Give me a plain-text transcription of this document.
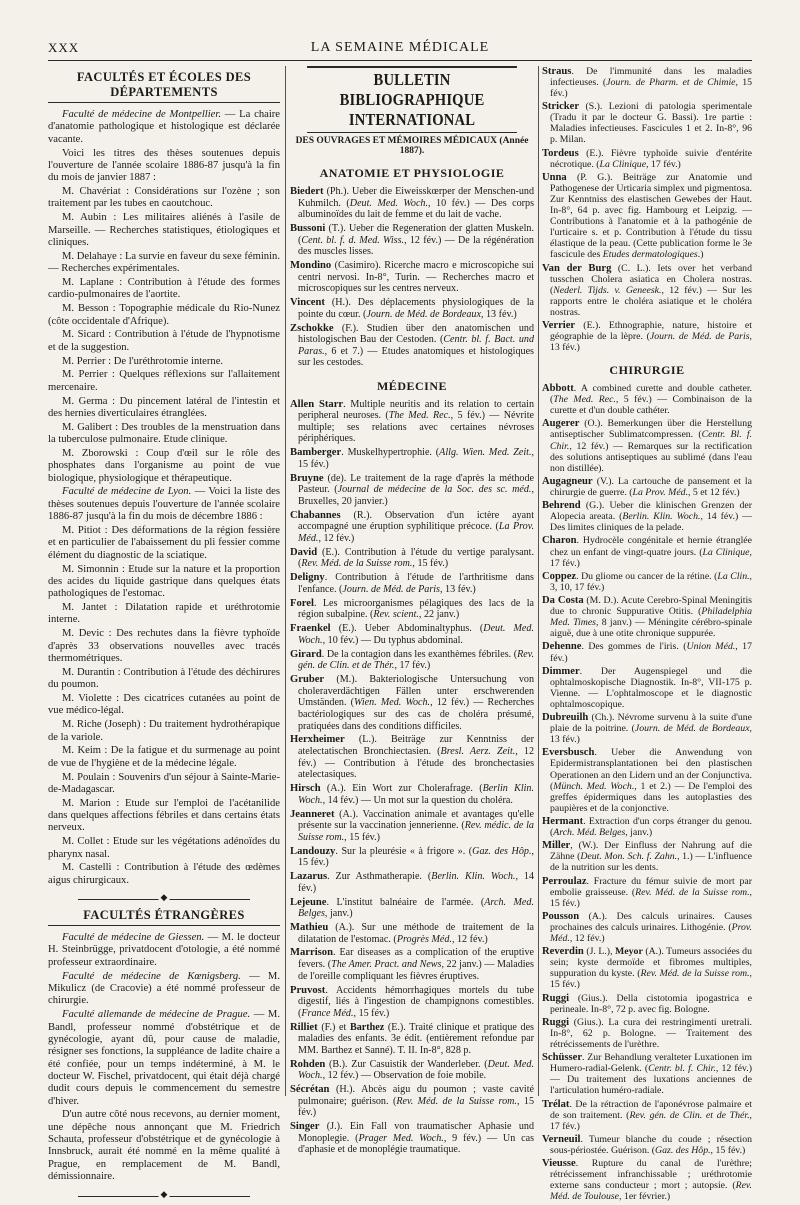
XXX	LA SEMAINE MÉDICALE
FACULTÉS ET ÉCOLES DES DÉPARTEMENTS

Faculté de médecine de Montpellier. — La chaire d'anatomie pathologique et histologique est déclarée vacante.

Voici les titres des thèses soutenues depuis l'ouverture de l'année scolaire 1886-87 jusqu'à la fin du mois de janvier 1887 :

M. Chavériat : Considérations sur l'ozène ; son traitement par les tubes en caoutchouc.

M. Aubin : Les militaires aliénés à l'asile de Marseille. — Recherches statistiques, étiologiques et cliniques.

M. Delahaye : La survie en faveur du sexe féminin. — Recherches expérimentales.

M. Laplane : Contribution à l'étude des formes cardio-pulmonaires de l'aortite.

M. Besson : Topographie médicale du Rio-Nunez (côte occidentale d'Afrique).

M. Sicard : Contribution à l'étude de l'hypnotisme et de la suggestion.

M. Perrier : De l'uréthrotomie interne.

M. Perrier : Quelques réflexions sur l'allaitement mercenaire.

M. Germa : Du pincement latéral de l'intestin et des hernies diverticulaires étranglées.

M. Galibert : Des troubles de la menstruation dans la tuberculose pulmonaire. Etude clinique.

M. Zborowski : Coup d'œil sur le rôle des phosphates dans l'organisme au point de vue biologique, physiologique et thérapeutique.

Faculté de médecine de Lyon. — Voici la liste des thèses soutenues depuis l'ouverture de l'année scolaire 1886-87 jusqu'à la fin du mois de décembre 1886 :

M. Pitiot : Des déformations de la région fessière et en particulier de l'abaissement du pli fessier comme élément du diagnostic de la sciatique.

M. Simonnin : Etude sur la nature et la proportion des acides du liquide gastrique dans quelques états pathologiques de l'estomac.

M. Jantet : Dilatation rapide et uréthrotomie interne.

M. Devic : Des rechutes dans la fièvre typhoïde d'après 33 observations nouvelles avec tracés thermométriques.

M. Durantin : Contribution à l'étude des déchirures du poumon.

M. Violette : Des cicatrices cutanées au point de vue médico-légal.

M. Riche (Joseph) : Du traitement hydrothérapique de la variole.

M. Keim : De la fatigue et du surmenage au point de vue de l'hygiène et de la médecine légale.

M. Poulain : Souvenirs d'un séjour à Sainte-Marie-de-Madagascar.

M. Marion : Etude sur l'emploi de l'acétanilide dans quelques affections fébriles et dans certains états nerveux.

M. Collet : Etude sur les végétations adénoïdes du pharynx nasal.

M. Castelli : Contribution à l'étude des œdèmes aigus chirurgicaux.

◆
FACULTÉS ÉTRANGÈRES

Faculté de médecine de Giessen. — M. le docteur H. Steinbrügge, privatdocent d'otologie, a été nommé professeur extraordinaire.

Faculté de médecine de Kœnigsberg. — M. Mikulicz (de Cracovie) a été nommé professeur de chirurgie.

Faculté allemande de médecine de Prague. — M. Bandl, professeur nommé d'obstétrique et de gynécologie, ayant dû, pour cause de maladie, résigner ses fonctions, la suppléance de ladite chaire a été confiée, pour un temps indéterminé, à M. le docteur W. Fischel, privatdocent, qui était déjà chargé dudit cours depuis le commencement du semestre d'hiver.

D'un autre côté nous recevons, au dernier moment, une dépêche nous annonçant que M. Friedrich Schauta, professeur d'obstétrique et de gynécologie à Innsbruck, aurait été nommé en la même qualité à Prague, en remplacement de M. Bandl, démissionnaire.

◆
BULLETIN BIBLIOGRAPHIQUE INTERNATIONAL
DES OUVRAGES ET MÉMOIRES MÉDICAUX (Année 1887).
ANATOMIE ET PHYSIOLOGIE
Biedert (Ph.). Ueber die Eiweisskœrper der Menschen-und Kuhmilch. (Deut. Med. Woch., 10 fév.) — Des corps albuminoïdes du lait de femme et du lait de vache.
Bussoni (T.). Ueber die Regeneration der glatten Muskeln. (Cent. bl. f. d. Med. Wiss., 12 fév.) — De la régénération des muscles lisses.
Mondino (Casimiro). Ricerche macro e microscopiche sui centri nervosi. In-8°, Turin. — Recherches macro et microscopiques sur les centres nerveux.
Vincent (H.). Des déplacements physiologiques de la pointe du cœur. (Journ. de Méd. de Bordeaux, 13 fév.)
Zschokke (F.). Studien über den anatomischen und histologischen Bau der Cestoden. (Centr. bl. f. Bact. und Paras., 6 et 7.) — Etudes anatomiques et histologiques sur les cestodes.
MÉDECINE
Allen Starr. Multiple neuritis and its relation to certain peripheral neuroses. (The Med. Rec., 5 fév.) — Névrite multiple; ses relations avec certaines névroses périphériques.
Bamberger. Muskelhypertrophie. (Allg. Wien. Med. Zeit., 15 fév.)
Bruyne (de). Le traitement de la rage d'après la méthode Pasteur. (Journal de médecine de la Soc. des sc. méd., Bruxelles, 20 janvier.)
Chabannes (R.). Observation d'un ictère ayant accompagné une éruption syphilitique précoce. (La Prov. Méd., 12 fév.)
David (E.). Contribution à l'étude du vertige paralysant. (Rev. Méd. de la Suisse rom., 15 fév.)
Deligny. Contribution à l'étude de l'arthritisme dans l'enfance. (Journ. de Méd. de Paris, 13 fév.)
Forel. Les microorganismes pélagiques des lacs de la région subalpine. (Rev. scient., 22 janv.)
Fraenkel (E.). Ueber Abdominaltyphus. (Deut. Med. Woch., 10 fév.) — Du typhus abdominal.
Girard. De la contagion dans les exanthèmes fébriles. (Rev. gén. de Clin. et de Thér., 17 fév.)
Gruber (M.). Bakteriologische Untersuchung von choleraverdächtigen Fällen unter erschwerenden Umständen. (Wien. Med. Woch., 12 fév.) — Recherches bactériologiques sur des cas de choléra présumé, pratiquées dans des conditions difficiles.
Herxheimer (L.). Beiträge zur Kenntniss der atelectatischen Bronchiectasien. (Bresl. Aerz. Zeit., 12 fév.) — Contribution à l'étude des bronchectasies atelectasiques.
Hirsch (A.). Ein Wort zur Cholerafrage. (Berlin Klin. Woch., 14 fév.) — Un mot sur la question du choléra.
Jeanneret (A.). Vaccination animale et avantages qu'elle présente sur la vaccination jennerienne. (Rev. médic. de la Suisse rom., 15 fév.)
Landouzy. Sur la pleurésie « à frigore ». (Gaz. des Hôp., 15 fév.)
Lazarus. Zur Asthmatherapie. (Berlin. Klin. Woch., 14 fév.)
Lejeune. L'institut balnéaire de l'armée. (Arch. Med. Belges, janv.)
Mathieu (A.). Sur une méthode de traitement de la dilatation de l'estomac. (Progrès Méd., 12 fév.)
Marrison. Ear diseases as a complication of the eruptive fevers. (The Amer. Pract. and News, 22 janv.) — Maladies de l'oreille compliquant les fièvres éruptives.
Pruvost. Accidents hémorrhagiques mortels du tube digestif, liés à l'ingestion de champignons comestibles. (France Méd., 15 fév.)
Rilliet (F.) et Barthez (E.). Traité clinique et pratique des maladies des enfants. 3e édit. (entièrement refondue par MM. Barthez et Sanné). T. II. In-8°, 828 p.
Rohden (B.). Zur Casuistik der Wanderleber. (Deut. Med. Woch., 12 fév.) — Observation de foie mobile.
Sécrétan (H.). Abcès aigu du poumon ; vaste cavité pulmonaire; guérison. (Rev. Méd. de la Suisse rom., 15 fév.)
Singer (J.). Ein Fall von traumatischer Aphasie und Monoplegie. (Prager Med. Woch., 9 fév.) — Un cas d'aphasie et de monoplégie traumatique.
Straus. De l'immunité dans les maladies infectieuses. (Journ. de Pharm. et de Chimie, 15 fév.)
Stricker (S.). Lezioni di patologia sperimentale (Tradu it par le docteur G. Bassi). 1re partie : Maladies infectieuses. Fascicules 1 et 2. In-8°, 96 p. Milan.
Tordeus (E.). Fièvre typhoïde suivie d'entérite nécrotique. (La Clinique, 17 fév.)
Unna (P. G.). Beiträge zur Anatomie und Pathogenese der Urticaria simplex und pigmentosa. Zur Kenntniss des elastischen Gewebes der Haut. In-8°, 64 p. avec fig. Hambourg et Leipzig. — Contributions à l'anatomie et à la pathogénie de l'urticaire s. et p. Contribution à l'étude du tissu élastique de la peau. (Cette publication forme le 3e fascicule des Etudes dermatologiques.)
Van der Burg (C. L.). Iets over het verband tusschen Cholera asiatica en Cholera nostras. (Nederl. Tijds. v. Geneesk., 12 fév.) — Sur les rapports entre le choléra asiatique et le choléra nostras.
Verrier (E.). Ethnographie, nature, histoire et géographie de la lèpre. (Journ. de Méd. de Paris, 13 fév.)
CHIRURGIE
Abbott. A combined curette and double catheter. (The Med. Rec., 5 fév.) — Combinaison de la curette et d'un double cathéter.
Augerer (O.). Bemerkungen über die Herstellung antiseptischer Sublimatcompressen. (Centr. Bl. f. Chir., 12 fév.) — Remarques sur la rectification des solutions antiseptiques au sublimé (dans l'eau non distillée).
Augagneur (V.). La cartouche de pansement et la chirurgie de guerre. (La Prov. Méd., 5 et 12 fév.)
Behrend (G.). Ueber die klinischen Grenzen der Alopecia areata. (Berlin. Klin. Woch., 14 fév.) — Des limites cliniques de la pelade.
Charon. Hydrocèle congénitale et hernie étranglée chez un enfant de vingt-quatre jours. (La Clinique, 17 fév.)
Coppez. Du gliome ou cancer de la rétine. (La Clin., 3, 10, 17 fév.)
Da Costa (M. D.). Acute Cerebro-Spinal Meningitis due to chronic Suppurative Otitis. (Philadelphia Med. Times, 8 janv.) — Méningite cérébro-spinale aiguë, due à une otite chronique suppurée.
Dehenne. Des gommes de l'iris. (Union Méd., 17 fév.)
Dimmer. Der Augenspiegel und die ophtalmoskopische Diagnostik. In-8°, VII-175 p. Vienne. — L'ophtalmoscope et le diagnostic ophtalmoscopique.
Dubreuilh (Ch.). Névrome survenu à la suite d'une plaie de la poitrine. (Journ. de Méd. de Bordeaux, 13 fév.)
Eversbusch. Ueber die Anwendung von Epidermistransplantationen bei den plastischen Operationen an den Lidern und an der Conjunctiva. (Münch. Med. Woch., 1 et 2.) — De l'emploi des greffes épidermiques dans les autoplasties des paupières et de la conjonctive.
Hermant. Extraction d'un corps étranger du genou. (Arch. Méd. Belges, janv.)
Miller, (W.). Der Einfluss der Nahrung auf die Zähne (Deut. Mon. Sch. f. Zahn., 1.) — L'influence de la nutrition sur les dents.
Perroulaz. Fracture du fémur suivie de mort par embolie graisseuse. (Rev. Méd. de la Suisse rom., 15 fév.)
Pousson (A.). Des calculs urinaires. Causes prochaines des calculs urinaires. Lithogénie. (Prov. Méd., 12 fév.)
Reverdin (J. L.), Meyor (A.). Tumeurs associées du sein; kyste dermoïde et fibromes multiples, suppuration du kyste. (Rev. Méd. de la Suisse rom., 15 fév.)
Ruggi (Gius.). Della cistotomia ipogastrica e perineale. In-8°, 72 p. avec fig. Bologne.
Ruggi (Gius.). La cura dei restringimenti uretrali. In-8°, 62 p. Bologne. — Traitement des rétrécissements de l'urèthre.
Schüsser. Zur Behandlung veralteter Luxationen im Humero-radial-Gelenk. (Centr. bl. f. Chir., 12 fév.) — Du traitement des luxations anciennes de l'articulation huméro-radiale.
Trélat. De la rétraction de l'aponévrose palmaire et de son traitement. (Rev. gén. de Clin. et de Thér., 17 fév.)
Verneuil. Tumeur blanche du coude ; résection sous-périostée. Guérison. (Gaz. des Hôp., 15 fév.)
Vieusse. Rupture du canal de l'urèthre; rétrécissement infranchissable ; uréthrotomie externe sans conducteur ; mort ; autopsie. (Rev. Méd. de Toulouse, 1er février.)
